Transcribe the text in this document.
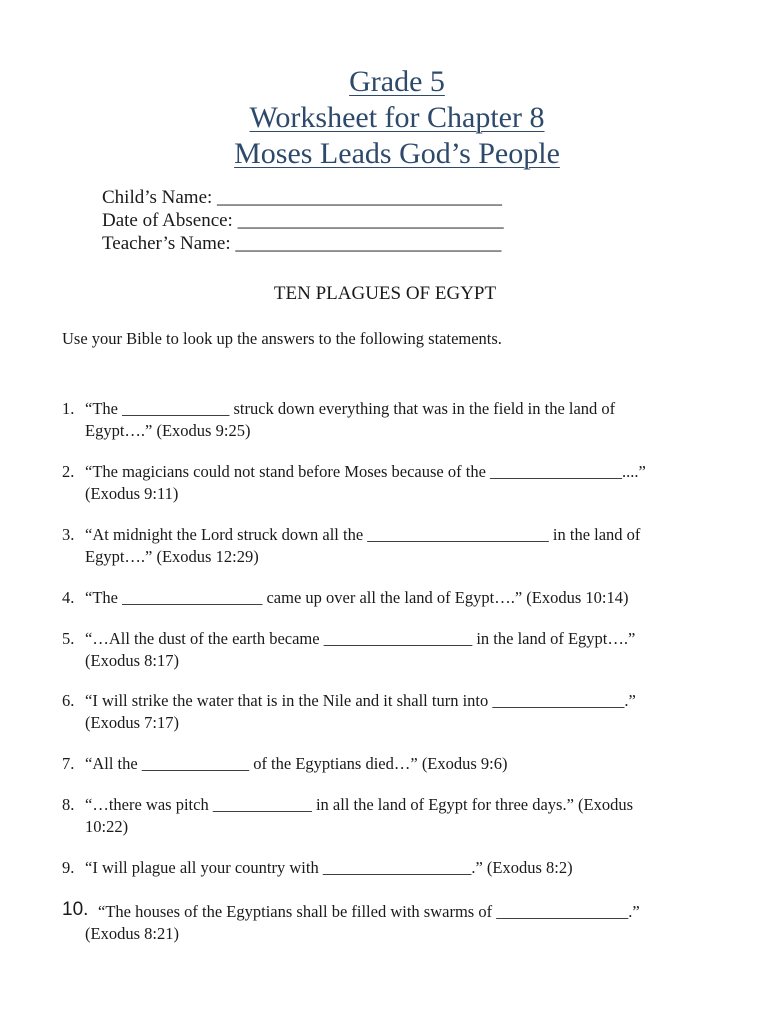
Grade 5
Worksheet for Chapter 8
Moses Leads God’s People
Child’s Name: ______________________________
Date of Absence: ____________________________
Teacher’s Name: ____________________________
TEN PLAGUES OF EGYPT
Use your Bible to look up the answers to the following statements.
1. “The _____________ struck down everything that was in the field in the land of
Egypt….” (Exodus 9:25)
2. “The magicians could not stand before Moses because of the ________________....”
(Exodus 9:11)
3. “At midnight the Lord struck down all the ______________________ in the land of
Egypt….” (Exodus 12:29)
4. “The _________________ came up over all the land of Egypt….” (Exodus 10:14)
5. “…All the dust of the earth became __________________ in the land of Egypt….”
(Exodus 8:17)
6. “I will strike the water that is in the Nile and it shall turn into ________________.”
(Exodus 7:17)
7. “All the _____________ of the Egyptians died…” (Exodus 9:6)
8. “…there was pitch ____________ in all the land of Egypt for three days.” (Exodus
10:22)
9. “I will plague all your country with __________________.” (Exodus 8:2)
10. “The houses of the Egyptians shall be filled with swarms of ________________.”
(Exodus 8:21)
